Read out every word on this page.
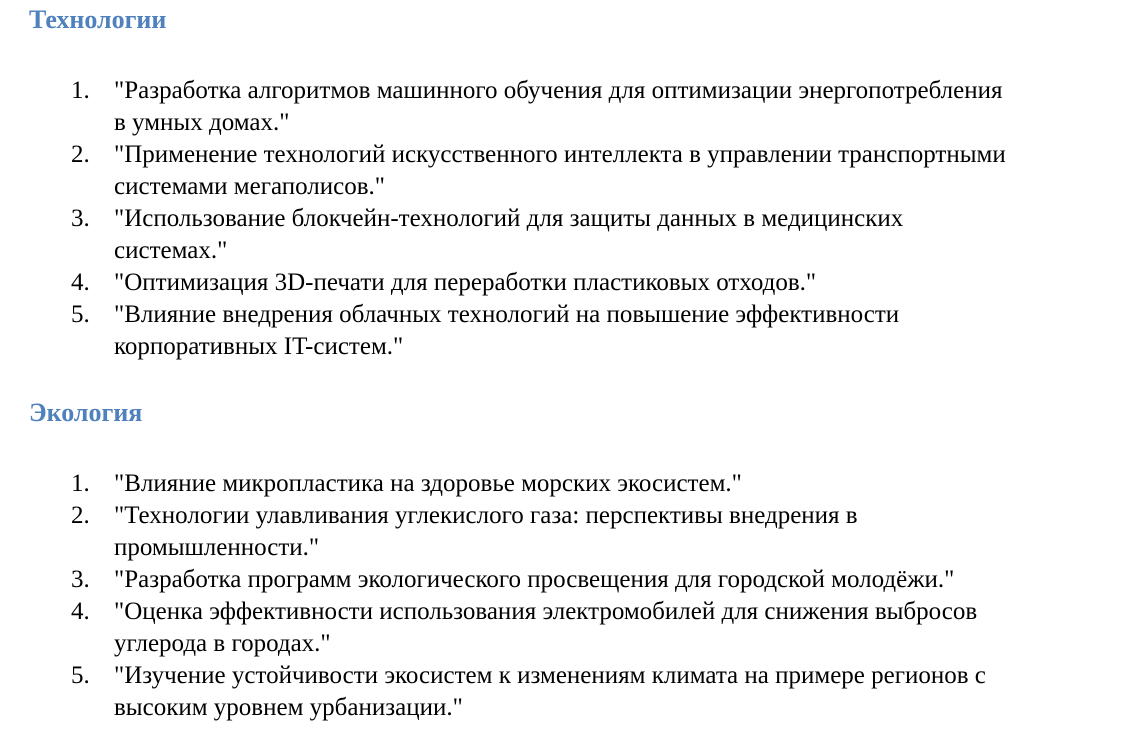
Технологии
1. "Разработка алгоритмов машинного обучения для оптимизации энергопотребления
в умных домах."
2. "Применение технологий искусственного интеллекта в управлении транспортными
системами мегаполисов."
3. "Использование блокчейн-технологий для защиты данных в медицинских
системах."
4. "Оптимизация 3D-печати для переработки пластиковых отходов."
5. "Влияние внедрения облачных технологий на повышение эффективности
корпоративных IT-систем."
Экология
1. "Влияние микропластика на здоровье морских экосистем."
2. "Технологии улавливания углекислого газа: перспективы внедрения в
промышленности."
3. "Разработка программ экологического просвещения для городской молодёжи."
4. "Оценка эффективности использования электромобилей для снижения выбросов
углерода в городах."
5. "Изучение устойчивости экосистем к изменениям климата на примере регионов с
высоким уровнем урбанизации."
